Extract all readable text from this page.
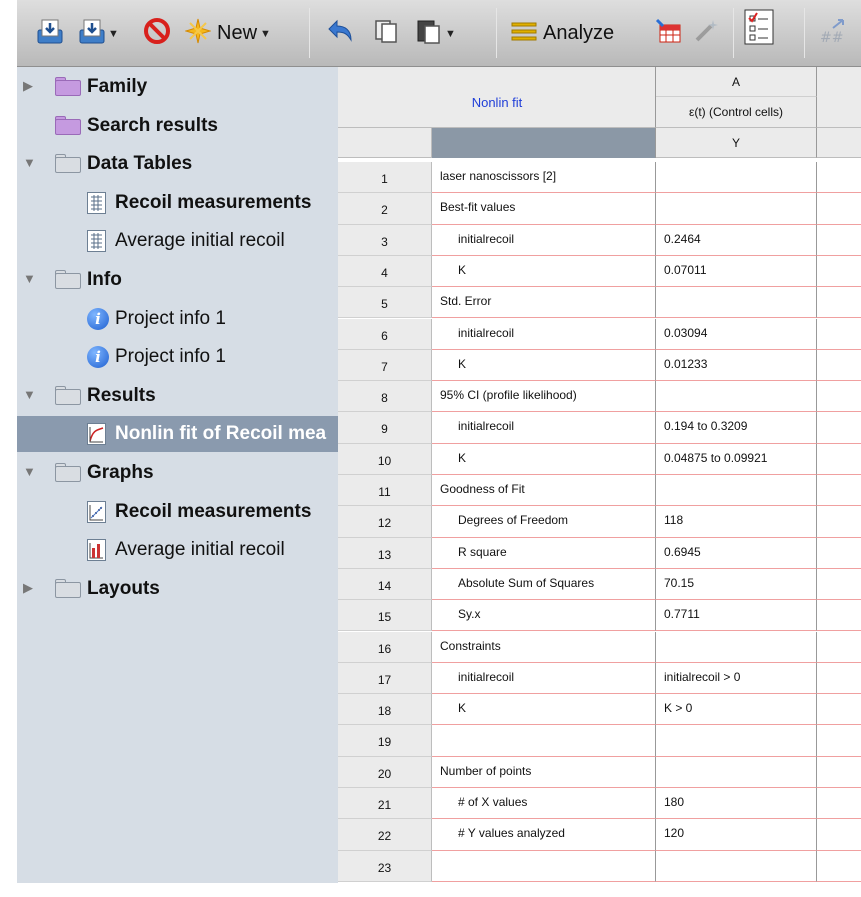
▼	New ▼	▼	Analyze	##
▶	Family
Search results
▼	Data Tables
Recoil measurements
Average initial recoil
▼	Info
i Project info 1
i Project info 1
▼	Results
Nonlin fit of Recoil mea
▼	Graphs
Recoil measurements
Average initial recoil
▶	Layouts
Nonlin fit
A
ε(t) (Control cells)
Y
1	laser nanoscissors [2]
2	Best-fit values
3	initialrecoil	0.2464
4	K	0.07011
5	Std. Error
6	initialrecoil	0.03094
7	K	0.01233
8	95% CI (profile likelihood)
9	initialrecoil	0.194 to 0.3209
10	K	0.04875 to 0.09921
11	Goodness of Fit
12	Degrees of Freedom	118
13	R square	0.6945
14	Absolute Sum of Squares	70.15
15	Sy.x	0.7711
16	Constraints
17	initialrecoil	initialrecoil > 0
18	K	K > 0
19
20	Number of points
21	# of X values	180
22	# Y values analyzed	120
23
